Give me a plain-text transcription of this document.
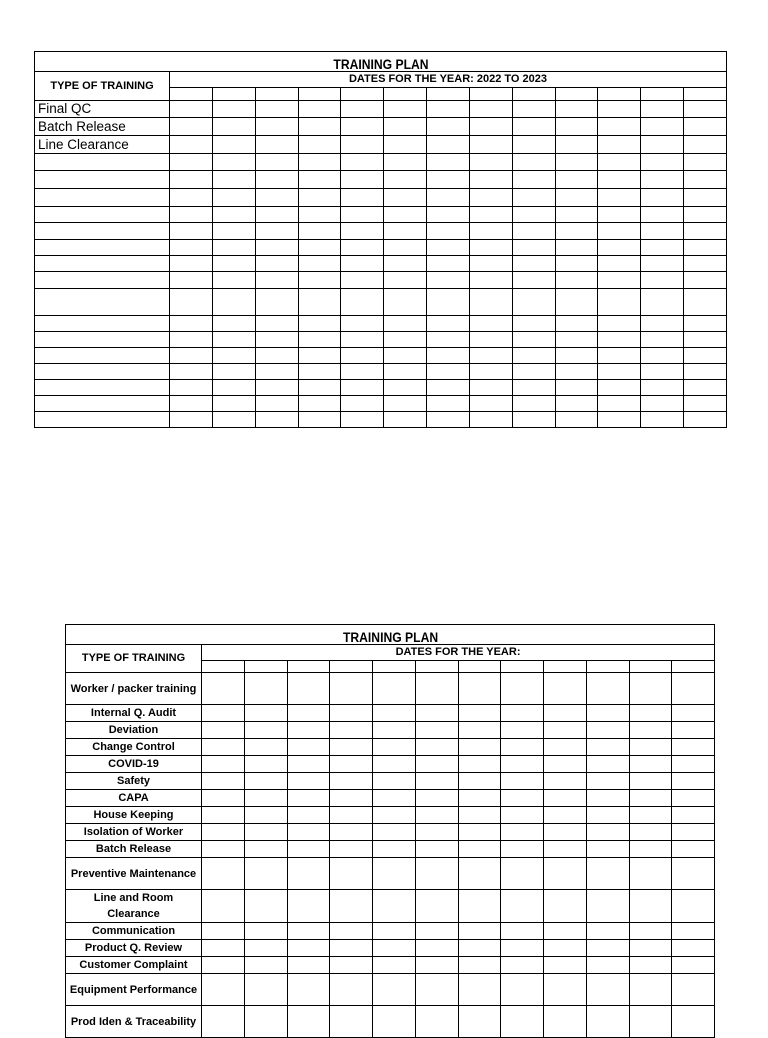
TRAINING PLAN													
TYPE OF TRAINING	DATES FOR THE YEAR: 2022 TO 2023												

Final QC													
Batch Release													
Line Clearance													

TRAINING PLAN												
TYPE OF TRAINING	DATES FOR THE YEAR:											

Worker / packer training												
Internal Q. Audit												
Deviation												
Change Control												
COVID-19												
Safety												
CAPA												
House Keeping												
Isolation of Worker												
Batch Release												
Preventive Maintenance												
Line and Room Clearance												
Communication												
Product Q. Review												
Customer Complaint												
Equipment Performance												
Prod Iden & Traceability												
